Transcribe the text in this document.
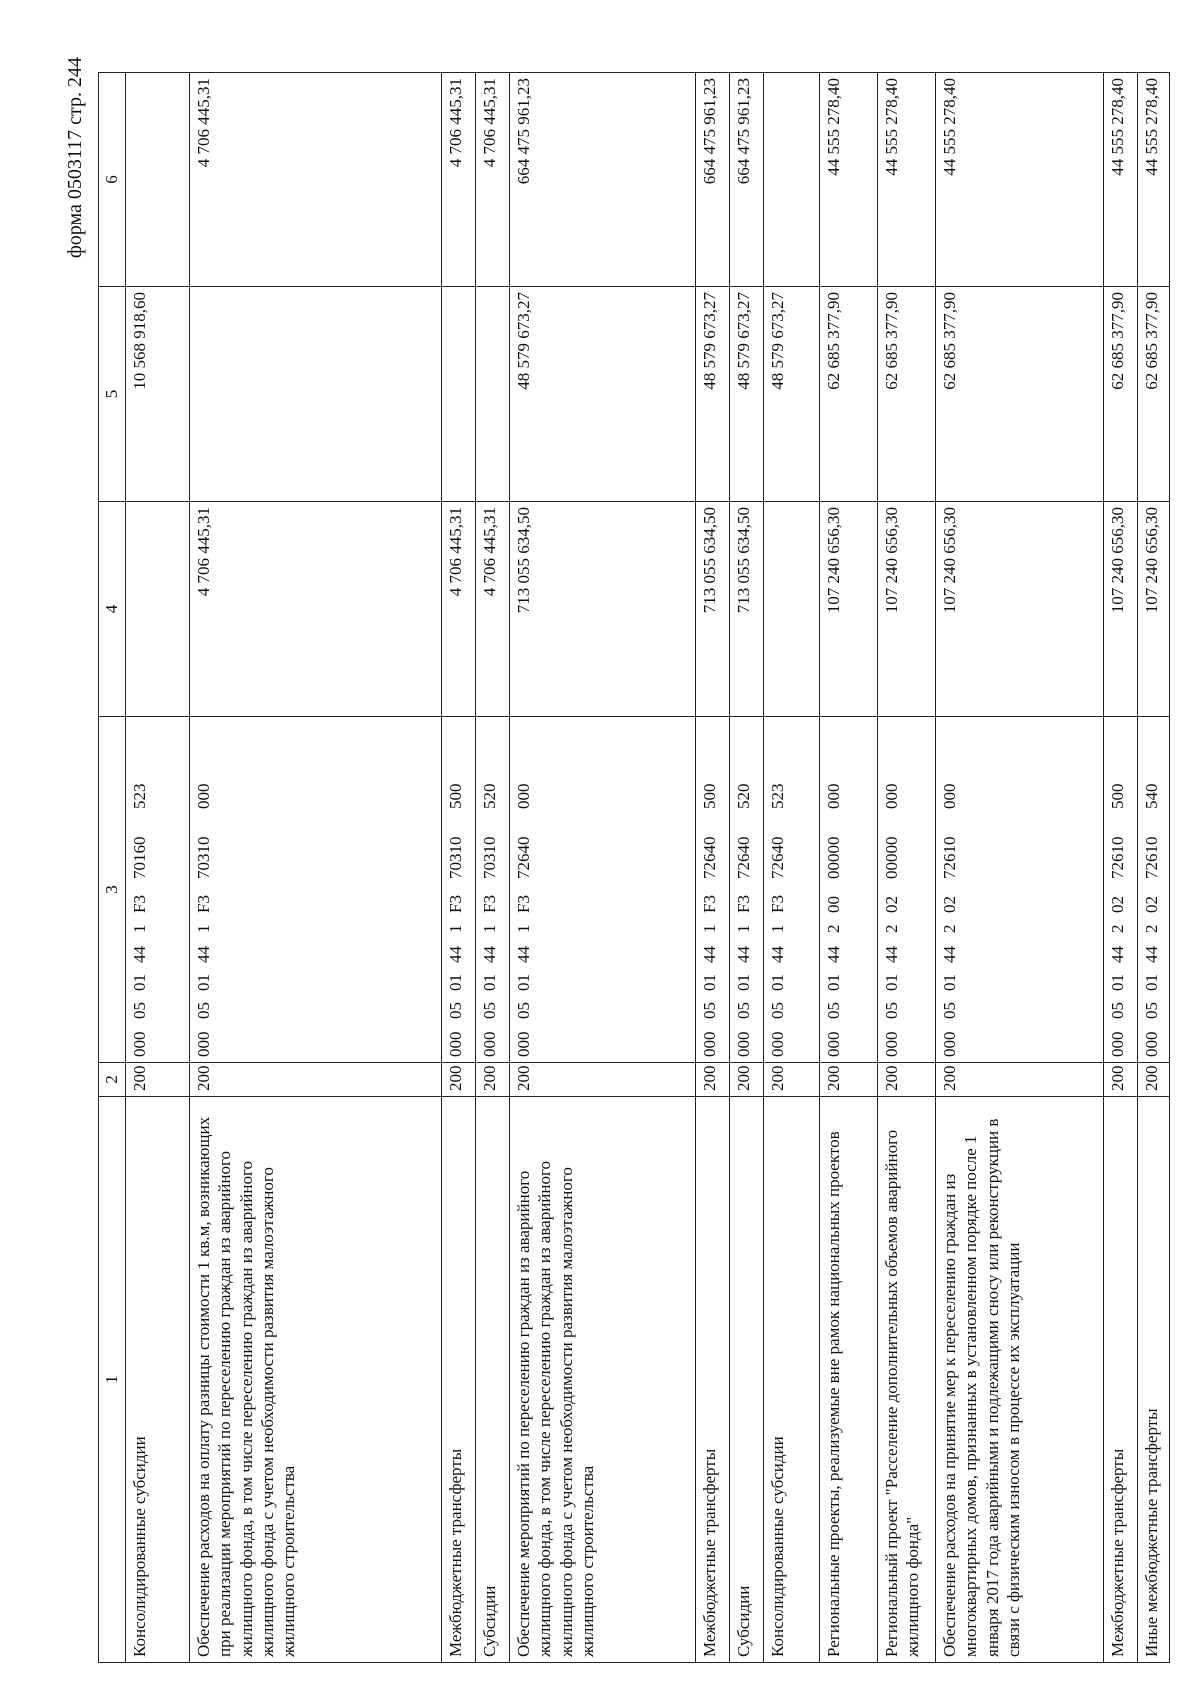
форма 0503117 стр. 244
1	2	3	4	5	6
Консолидированные субсидии	200	0000501441F370160523		10 568 918,60	
Обеспечение расходов на оплату разницы стоимости 1 кв.м, возникающих при реализации мероприятий по переселению граждан из аварийного жилищного фонда, в том числе переселению граждан из аварийного жилищного фонда с учетом необходимости развития малоэтажного жилищного строительства	200	0000501441F370310000	4 706 445,31		4 706 445,31
Межбюджетные трансферты	200	0000501441F370310500	4 706 445,31		4 706 445,31
Субсидии	200	0000501441F370310520	4 706 445,31		4 706 445,31
Обеспечение мероприятий по переселению граждан из аварийного жилищного фонда, в том числе переселению граждан из аварийного жилищного фонда с учетом необходимости развития малоэтажного жилищного строительства	200	0000501441F372640000	713 055 634,50	48 579 673,27	664 475 961,23
Межбюджетные трансферты	200	0000501441F372640500	713 055 634,50	48 579 673,27	664 475 961,23
Субсидии	200	0000501441F372640520	713 055 634,50	48 579 673,27	664 475 961,23
Консолидированные субсидии	200	0000501441F372640523		48 579 673,27	
Региональные проекты, реализуемые вне рамок национальных проектов	200	00005014420000000000	107 240 656,30	62 685 377,90	44 555 278,40
Региональный проект "Расселение дополнительных объемов аварийного жилищного фонда"	200	00005014420200000000	107 240 656,30	62 685 377,90	44 555 278,40
Обеспечение расходов на принятие мер к переселению граждан из многоквартирных домов, признанных в установленном порядке после 1 января 2017 года аварийными и подлежащими сносу или реконструкции в связи с физическим износом в процессе их эксплуатации	200	00005014420272610000	107 240 656,30	62 685 377,90	44 555 278,40
Межбюджетные трансферты	200	00005014420272610500	107 240 656,30	62 685 377,90	44 555 278,40
Иные межбюджетные трансферты	200	00005014420272610540	107 240 656,30	62 685 377,90	44 555 278,40
